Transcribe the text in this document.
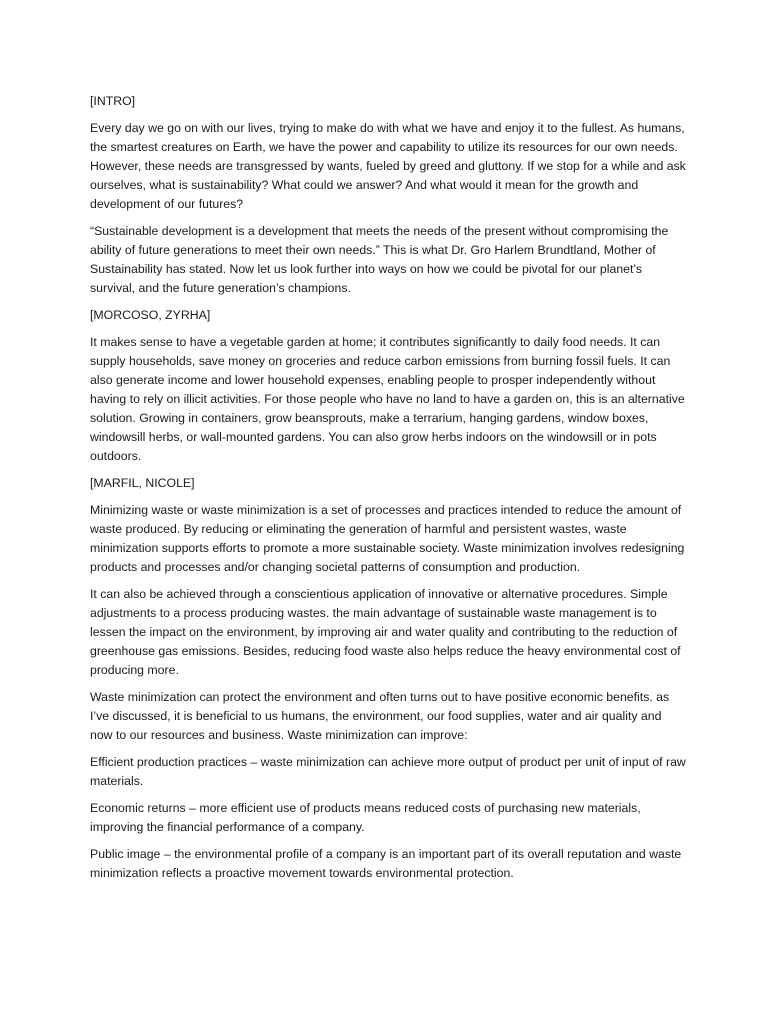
[INTRO]

Every day we go on with our lives, trying to make do with what we have and enjoy it to the fullest. As humans, the smartest creatures on Earth, we have the power and capability to utilize its resources for our own needs. However, these needs are transgressed by wants, fueled by greed and gluttony. If we stop for a while and ask ourselves, what is sustainability? What could we answer? And what would it mean for the growth and development of our futures?

“Sustainable development is a development that meets the needs of the present without compromising the ability of future generations to meet their own needs.” This is what Dr. Gro Harlem Brundtland, Mother of Sustainability has stated. Now let us look further into ways on how we could be pivotal for our planet’s survival, and the future generation’s champions.

[MORCOSO, ZYRHA]

It makes sense to have a vegetable garden at home; it contributes significantly to daily food needs. It can supply households, save money on groceries and reduce carbon emissions from burning fossil fuels. It can also generate income and lower household expenses, enabling people to prosper independently without having to rely on illicit activities. For those people who have no land to have a garden on, this is an alternative solution. Growing in containers, grow beansprouts, make a terrarium, hanging gardens, window boxes, windowsill herbs, or wall-mounted gardens. You can also grow herbs indoors on the windowsill or in pots outdoors.

[MARFIL, NICOLE]

Minimizing waste or waste minimization is a set of processes and practices intended to reduce the amount of waste produced. By reducing or eliminating the generation of harmful and persistent wastes, waste minimization supports efforts to promote a more sustainable society. Waste minimization involves redesigning products and processes and/or changing societal patterns of consumption and production.

It can also be achieved through a conscientious application of innovative or alternative procedures. Simple adjustments to a process producing wastes. the main advantage of sustainable waste management is to lessen the impact on the environment, by improving air and water quality and contributing to the reduction of greenhouse gas emissions. Besides, reducing food waste also helps reduce the heavy environmental cost of producing more.

Waste minimization can protect the environment and often turns out to have positive economic benefits. as I’ve discussed, it is beneficial to us humans, the environment, our food supplies, water and air quality and now to our resources and business. Waste minimization can improve:

Efficient production practices – waste minimization can achieve more output of product per unit of input of raw materials.

Economic returns – more efficient use of products means reduced costs of purchasing new materials, improving the financial performance of a company.

Public image – the environmental profile of a company is an important part of its overall reputation and waste minimization reflects a proactive movement towards environmental protection.
